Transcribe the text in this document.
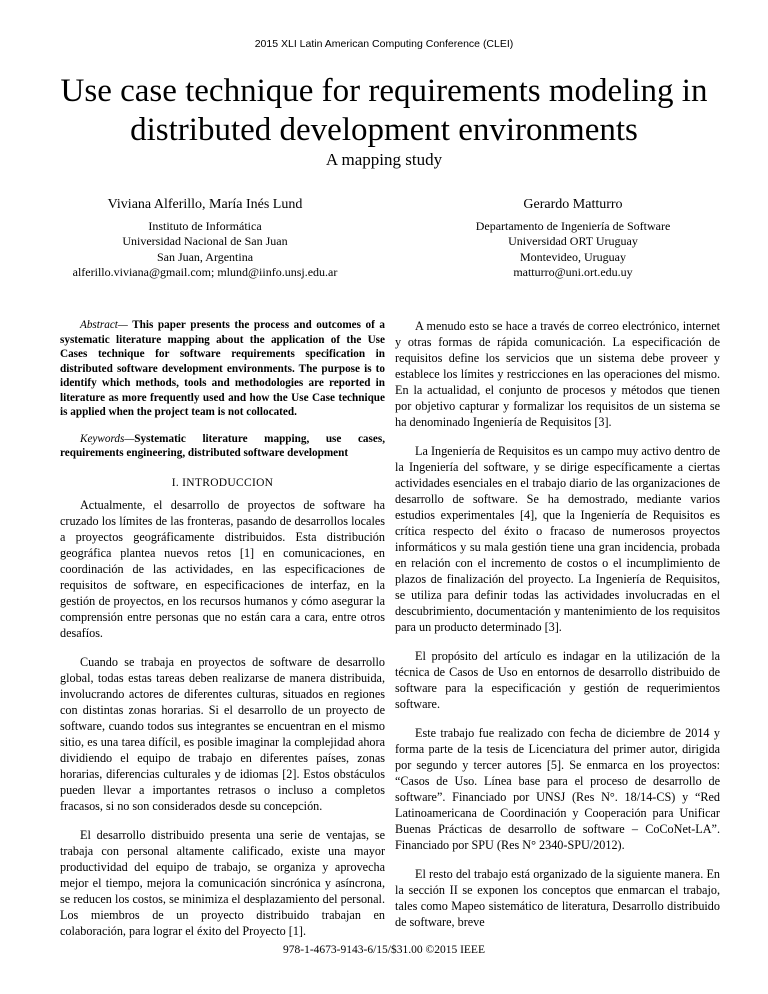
2015 XLI Latin American Computing Conference (CLEI)
Use case technique for requirements modeling in distributed development environments
A mapping study
Viviana Alferillo, María Inés Lund
Instituto de Informática
Universidad Nacional de San Juan
San Juan, Argentina
alferillo.viviana@gmail.com; mlund@iinfo.unsj.edu.ar
Gerardo Matturro
Departamento de Ingeniería de Software
Universidad ORT Uruguay
Montevideo, Uruguay
matturro@uni.ort.edu.uy
Abstract— This paper presents the process and outcomes of a systematic literature mapping about the application of the Use Cases technique for software requirements specification in distributed software development environments. The purpose is to identify which methods, tools and methodologies are reported in literature as more frequently used and how the Use Case technique is applied when the project team is not collocated.
Keywords—Systematic literature mapping, use cases, requirements engineering, distributed software development
I. INTRODUCCION

Actualmente, el desarrollo de proyectos de software ha cruzado los límites de las fronteras, pasando de desarrollos locales a proyectos geográficamente distribuidos. Esta distribución geográfica plantea nuevos retos [1] en comunicaciones, en coordinación de las actividades, en las especificaciones de requisitos de software, en especificaciones de interfaz, en la gestión de proyectos, en los recursos humanos y cómo asegurar la comprensión entre personas que no están cara a cara, entre otros desafíos.

Cuando se trabaja en proyectos de software de desarrollo global, todas estas tareas deben realizarse de manera distribuida, involucrando actores de diferentes culturas, situados en regiones con distintas zonas horarias. Si el desarrollo de un proyecto de software, cuando todos sus integrantes se encuentran en el mismo sitio, es una tarea difícil, es posible imaginar la complejidad ahora dividiendo el equipo de trabajo en diferentes países, zonas horarias, diferencias culturales y de idiomas [2]. Estos obstáculos pueden llevar a importantes retrasos o incluso a completos fracasos, si no son considerados desde su concepción.

El desarrollo distribuido presenta una serie de ventajas, se trabaja con personal altamente calificado, existe una mayor productividad del equipo de trabajo, se organiza y aprovecha mejor el tiempo, mejora la comunicación sincrónica y asíncrona, se reducen los costos, se minimiza el desplazamiento del personal. Los miembros de un proyecto distribuido trabajan en colaboración, para lograr el éxito del Proyecto [1].

A menudo esto se hace a través de correo electrónico, internet y otras formas de rápida comunicación. La especificación de requisitos define los servicios que un sistema debe proveer y establece los límites y restricciones en las operaciones del mismo. En la actualidad, el conjunto de procesos y métodos que tienen por objetivo capturar y formalizar los requisitos de un sistema se ha denominado Ingeniería de Requisitos [3].

La Ingeniería de Requisitos es un campo muy activo dentro de la Ingeniería del software, y se dirige específicamente a ciertas actividades esenciales en el trabajo diario de las organizaciones de desarrollo de software. Se ha demostrado, mediante varios estudios experimentales [4], que la Ingeniería de Requisitos es crítica respecto del éxito o fracaso de numerosos proyectos informáticos y su mala gestión tiene una gran incidencia, probada en relación con el incremento de costos o el incumplimiento de plazos de finalización del proyecto. La Ingeniería de Requisitos, se utiliza para definir todas las actividades involucradas en el descubrimiento, documentación y mantenimiento de los requisitos para un producto determinado [3].

El propósito del artículo es indagar en la utilización de la técnica de Casos de Uso en entornos de desarrollo distribuido de software para la especificación y gestión de requerimientos software.

Este trabajo fue realizado con fecha de diciembre de 2014 y forma parte de la tesis de Licenciatura del primer autor, dirigida por segundo y tercer autores [5]. Se enmarca en los proyectos: “Casos de Uso. Línea base para el proceso de desarrollo de software”. Financiado por UNSJ (Res N°. 18/14-CS) y “Red Latinoamericana de Coordinación y Cooperación para Unificar Buenas Prácticas de desarrollo de software – CoCoNet-LA”. Financiado por SPU (Res N° 2340-SPU/2012).

El resto del trabajo está organizado de la siguiente manera. En la sección II se exponen los conceptos que enmarcan el trabajo, tales como Mapeo sistemático de literatura, Desarrollo distribuido de software, breve

978-1-4673-9143-6/15/$31.00 ©2015 IEEE
